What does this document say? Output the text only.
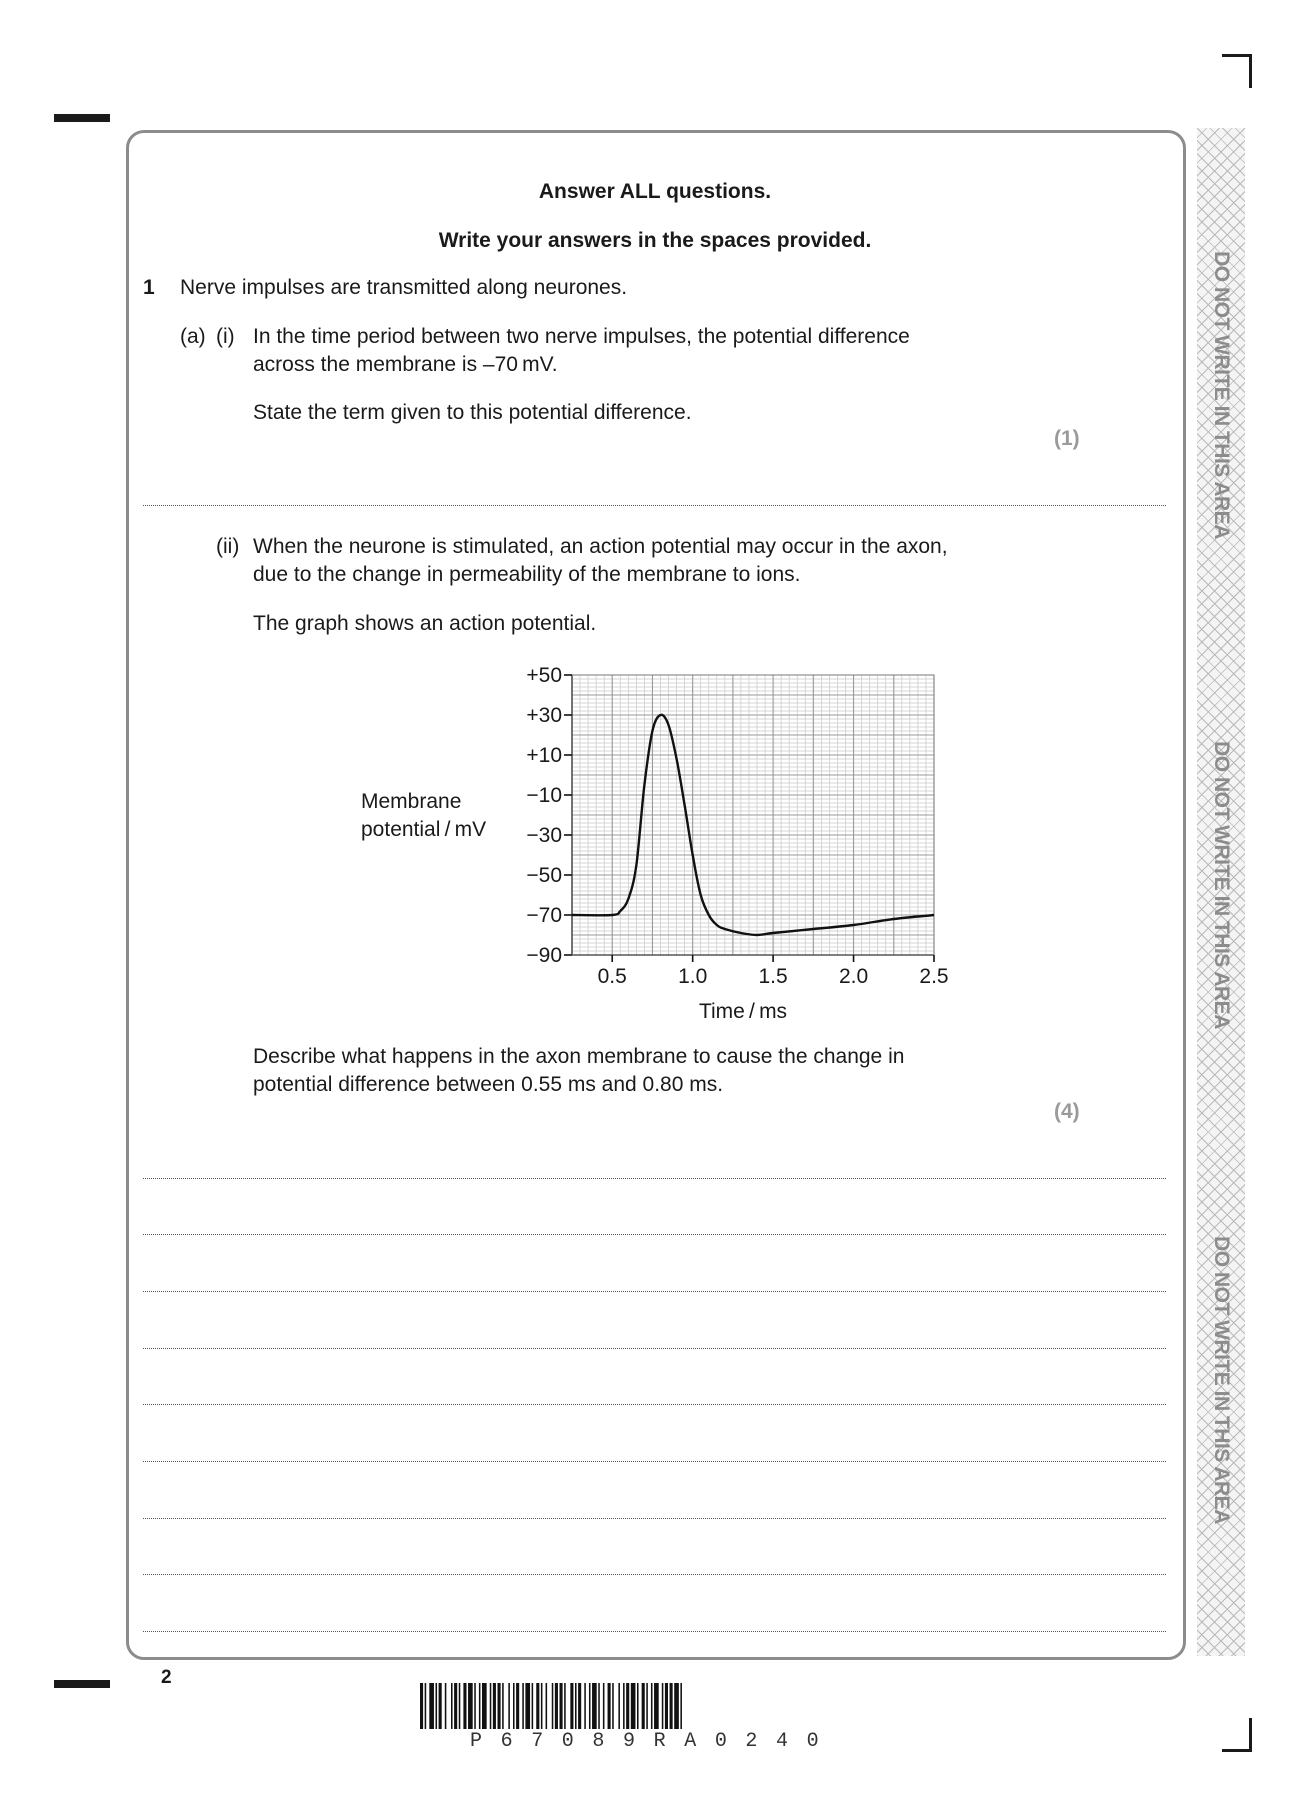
DO NOT WRITE IN THIS AREA
DO NOT WRITE IN THIS AREA
DO NOT WRITE IN THIS AREA
Answer ALL questions.
Write your answers in the spaces provided.
1 Nerve impulses are transmitted along neurones.
(a) (i) In the time period between two nerve impulses, the potential difference
across the membrane is –70 mV.
State the term given to this potential difference.
(1)
(ii) When the neurone is stimulated, an action potential may occur in the axon,
due to the change in permeability of the membrane to ions.
The graph shows an action potential.
+50
+30
+10
−10
−30
−50
−70
−90
0.5 1.0 1.5 2.0 2.5
Membrane
potential / mV
Time / ms
Describe what happens in the axon membrane to cause the change in
potential difference between 0.55 ms and 0.80 ms.
(4)
2
P67089RA0240
